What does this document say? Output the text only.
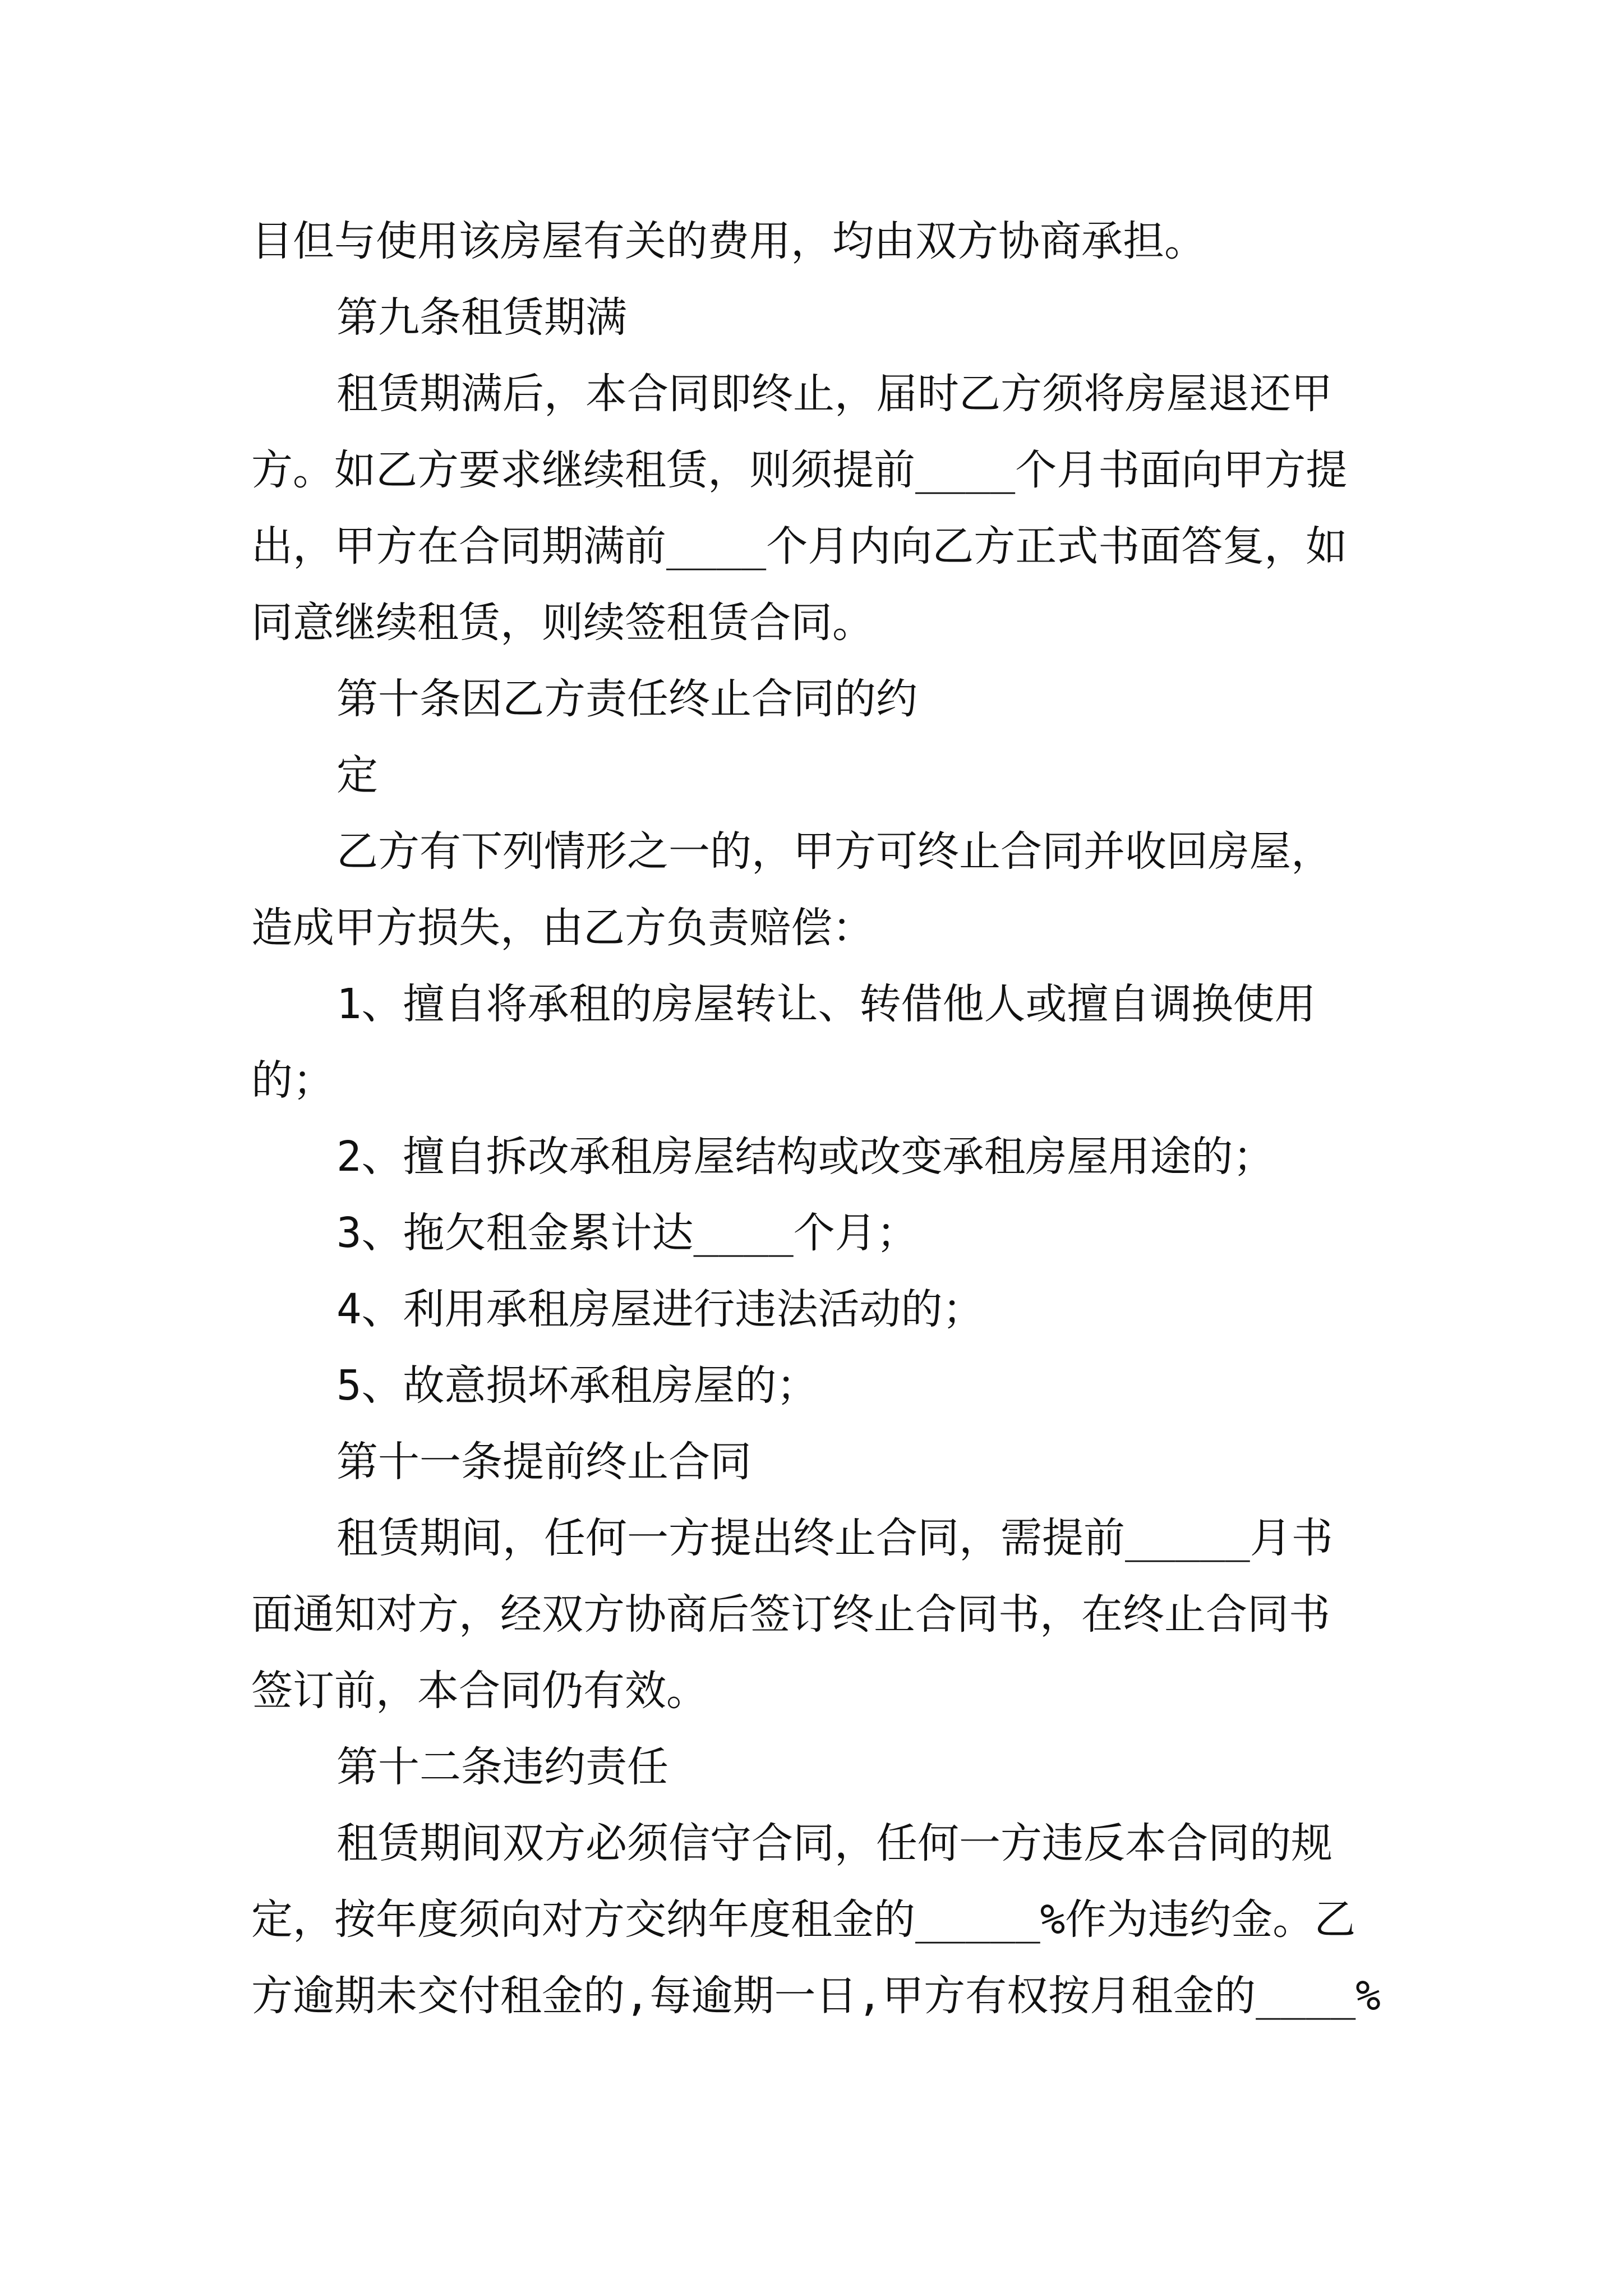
目但与使用该房屋有关的费用，均由双方协商承担。
第九条租赁期满
租赁期满后，本合同即终止，届时乙方须将房屋退还甲
方。如乙方要求继续租赁，则须提前____个月书面向甲方提
出，甲方在合同期满前____个月内向乙方正式书面答复，如
同意继续租赁，则续签租赁合同。
第十条因乙方责任终止合同的约
定
乙方有下列情形之一的，甲方可终止合同并收回房屋，
造成甲方损失，由乙方负责赔偿：
1、擅自将承租的房屋转让、转借他人或擅自调换使用
的；
2、擅自拆改承租房屋结构或改变承租房屋用途的；
3、拖欠租金累计达____个月；
4、利用承租房屋进行违法活动的；
5、故意损坏承租房屋的；
第十一条提前终止合同
租赁期间，任何一方提出终止合同，需提前_____月书
面通知对方，经双方协商后签订终止合同书，在终止合同书
签订前，本合同仍有效。
第十二条违约责任
租赁期间双方必须信守合同，任何一方违反本合同的规
定，按年度须向对方交纳年度租金的_____%作为违约金。乙
方逾期未交付租金的,每逾期一日,甲方有权按月租金的____%
